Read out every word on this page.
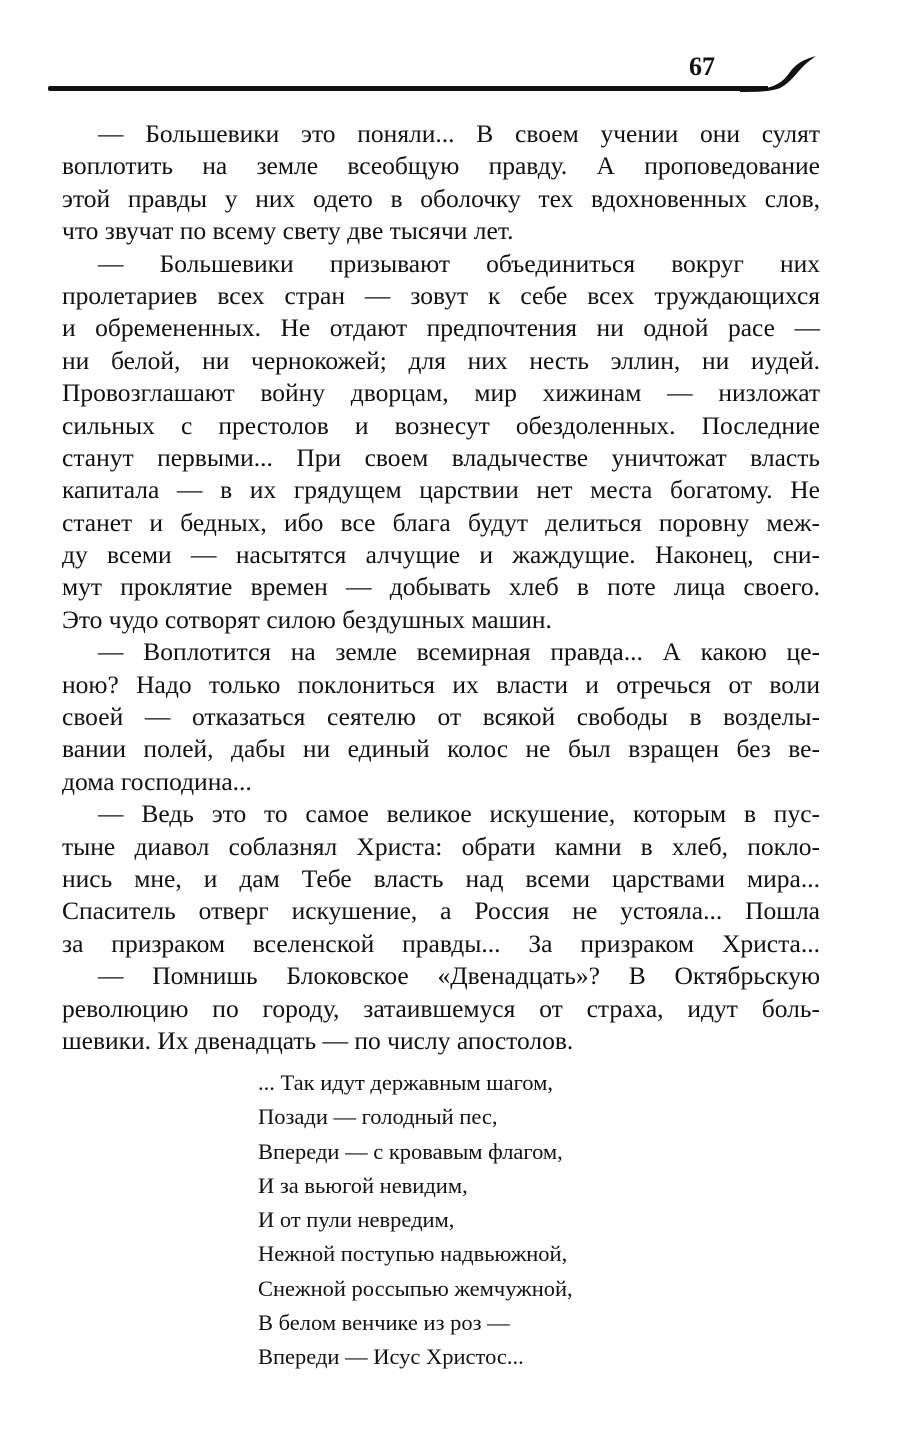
67
— Большевики это поняли... В своем учении они сулят
воплотить на земле всеобщую правду. А проповедование
этой правды у них одето в оболочку тех вдохновенных слов,
что звучат по всему свету две тысячи лет.
— Большевики призывают объединиться вокруг них
пролетариев всех стран — зовут к себе всех труждающихся
и обремененных. Не отдают предпочтения ни одной расе —
ни белой, ни чернокожей; для них несть эллин, ни иудей.
Провозглашают войну дворцам, мир хижинам — низложат
сильных с престолов и вознесут обездоленных. Последние
станут первыми... При своем владычестве уничтожат власть
капитала — в их грядущем царствии нет места богатому. Не
станет и бедных, ибо все блага будут делиться поровну меж-
ду всеми — насытятся алчущие и жаждущие. Наконец, сни-
мут проклятие времен — добывать хлеб в поте лица своего.
Это чудо сотворят силою бездушных машин.
— Воплотится на земле всемирная правда... А какою це-
ною? Надо только поклониться их власти и отречься от воли
своей — отказаться сеятелю от всякой свободы в возделы-
вании полей, дабы ни единый колос не был взращен без ве-
дома господина...
— Ведь это то самое великое искушение, которым в пус-
тыне диавол соблазнял Христа: обрати камни в хлеб, покло-
нись мне, и дам Тебе власть над всеми царствами мира...
Спаситель отверг искушение, а Россия не устояла... Пошла
за призраком вселенской правды... За призраком Христа...
— Помнишь Блоковское «Двенадцать»? В Октябрьскую
революцию по городу, затаившемуся от страха, идут боль-
шевики. Их двенадцать — по числу апостолов.
... Так идут державным шагом,
Позади — голодный пес,
Впереди — с кровавым флагом,
И за вьюгой невидим,
И от пули невредим,
Нежной поступью надвьюжной,
Снежной россыпью жемчужной,
В белом венчике из роз —
Впереди — Исус Христос...
